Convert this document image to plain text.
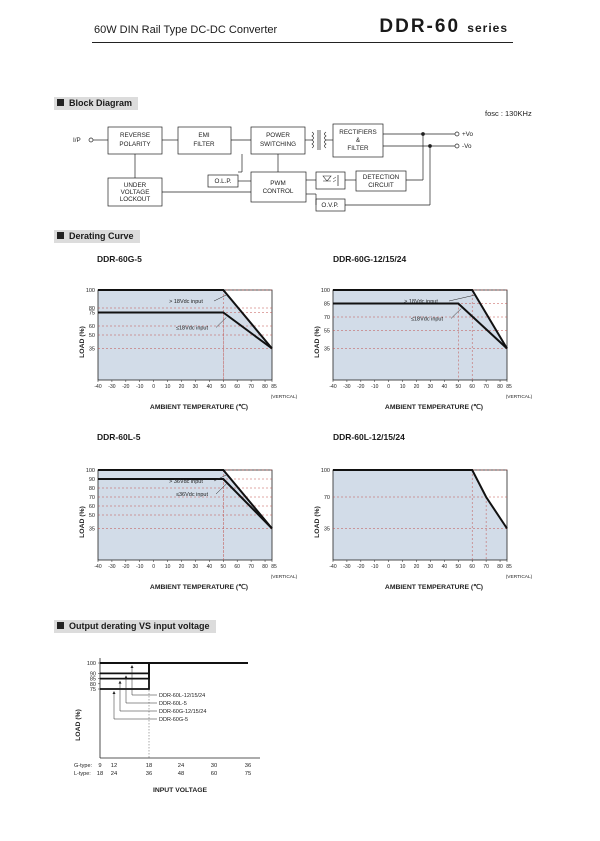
60W DIN Rail Type DC-DC Converter	DDR-60 series
Block Diagram
fosc : 130KHz
I/P
REVERSE
POLARITY
EMI
FILTER
POWER
SWITCHING
RECTIFIERS
&
FILTER
+Vo
-Vo
UNDER
VOLTAGE
LOCKOUT
O.L.P.	PWM
CONTROL
DETECTION
CIRCUIT
O.V.P.
Derating Curve
DDR-60G-5
35
50
60
75
80
100
-40 -30 -20 -10 0 10 20 30 40 50 60 70 80 85
(VERTICAL)
AMBIENT TEMPERATURE (℃)
LOAD (%)
> 18Vdc input
≤18Vdc input
DDR-60G-12/15/24
35
55
70
85
100
-40 -30 -20 -10 0 10 20 30 40 50 60 70 80 85
(VERTICAL)
AMBIENT TEMPERATURE (℃)
LOAD (%)
> 18Vdc input
≤18Vdc input
DDR-60L-5
35
50
60
70
80
90
100
-40 -30 -20 -10 0 10 20 30 40 50 60 70 80 85
(VERTICAL)
AMBIENT TEMPERATURE (℃)
LOAD (%)
> 36Vdc input
≤36Vdc input
DDR-60L-12/15/24
35
70
100
-40 -30 -20 -10 0 10 20 30 40 50 60 70 80 85
(VERTICAL)
AMBIENT TEMPERATURE (℃)
LOAD (%)
Output derating VS input voltage
75
80
85
90
100
LOAD (%)
DDR-60L-12/15/24
DDR-60L-5
DDR-60G-12/15/24
DDR-60G-5
G-type:
L-type:
9 12	18	24	30	36
18 24	36	48	60	75
INPUT VOLTAGE
